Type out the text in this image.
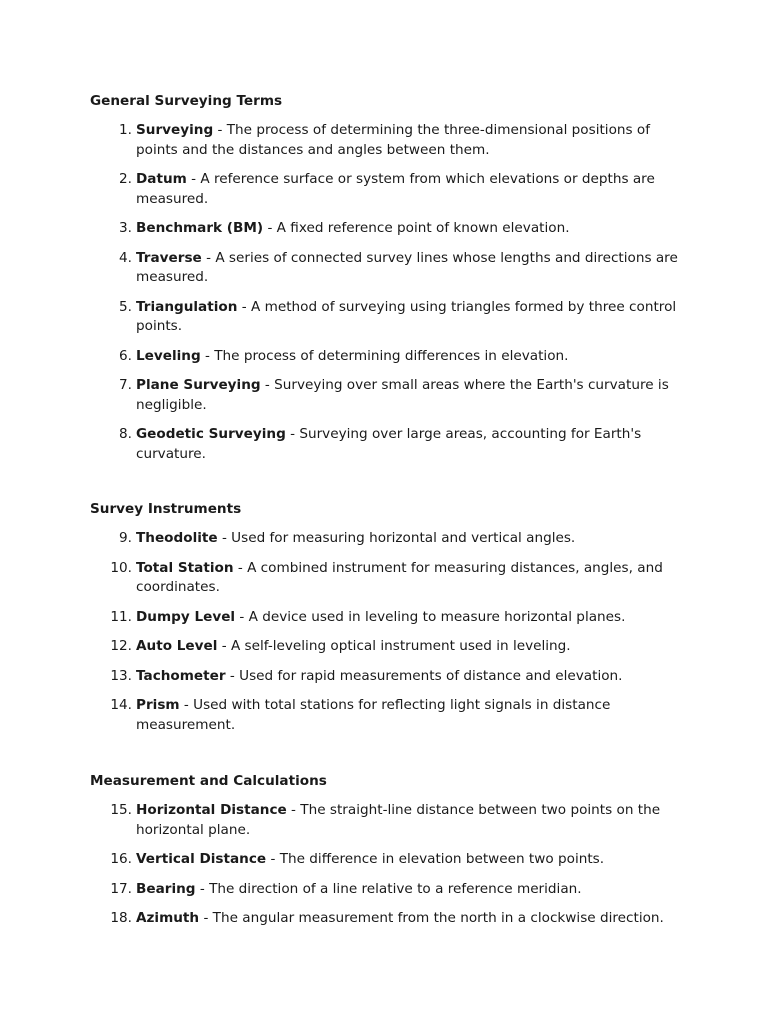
General Surveying Terms
1. Surveying - The process of determining the three-dimensional positions of points and the distances and angles between them.
2. Datum - A reference surface or system from which elevations or depths are measured.
3. Benchmark (BM) - A fixed reference point of known elevation.
4. Traverse - A series of connected survey lines whose lengths and directions are measured.
5. Triangulation - A method of surveying using triangles formed by three control points.
6. Leveling - The process of determining differences in elevation.
7. Plane Surveying - Surveying over small areas where the Earth's curvature is negligible.
8. Geodetic Surveying - Surveying over large areas, accounting for Earth's curvature.
Survey Instruments
9. Theodolite - Used for measuring horizontal and vertical angles.
10. Total Station - A combined instrument for measuring distances, angles, and coordinates.
11. Dumpy Level - A device used in leveling to measure horizontal planes.
12. Auto Level - A self-leveling optical instrument used in leveling.
13. Tachometer - Used for rapid measurements of distance and elevation.
14. Prism - Used with total stations for reflecting light signals in distance measurement.
Measurement and Calculations
15. Horizontal Distance - The straight-line distance between two points on the horizontal plane.
16. Vertical Distance - The difference in elevation between two points.
17. Bearing - The direction of a line relative to a reference meridian.
18. Azimuth - The angular measurement from the north in a clockwise direction.
